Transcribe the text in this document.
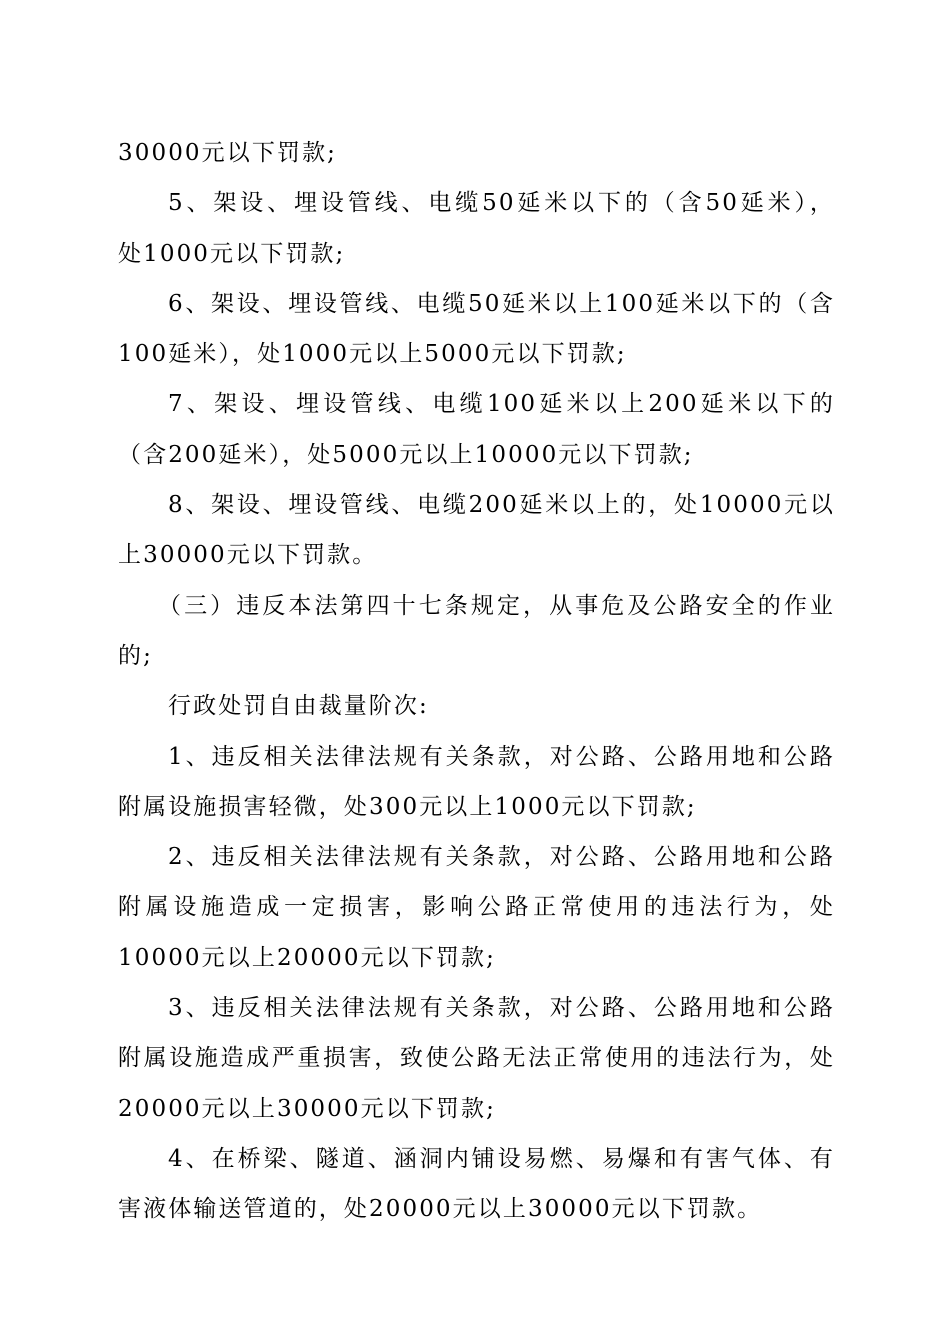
30000元以下罚款;
5、架设、埋设管线、电缆50延米以下的（含50延米），
处1000元以下罚款;
6、架设、埋设管线、电缆50延米以上100延米以下的（含
100延米），处1000元以上5000元以下罚款;
7、架设、埋设管线、电缆100延米以上200延米以下的
（含200延米），处5000元以上10000元以下罚款;
8、架设、埋设管线、电缆200延米以上的，处10000元以
上30000元以下罚款。
（三）违反本法第四十七条规定，从事危及公路安全的作业
的;
行政处罚自由裁量阶次:
1、违反相关法律法规有关条款，对公路、公路用地和公路
附属设施损害轻微，处300元以上1000元以下罚款;
2、违反相关法律法规有关条款，对公路、公路用地和公路
附属设施造成一定损害，影响公路正常使用的违法行为，处
10000元以上20000元以下罚款;
3、违反相关法律法规有关条款，对公路、公路用地和公路
附属设施造成严重损害，致使公路无法正常使用的违法行为，处
20000元以上30000元以下罚款;
4、在桥梁、隧道、涵洞内铺设易燃、易爆和有害气体、有
害液体输送管道的，处20000元以上30000元以下罚款。
